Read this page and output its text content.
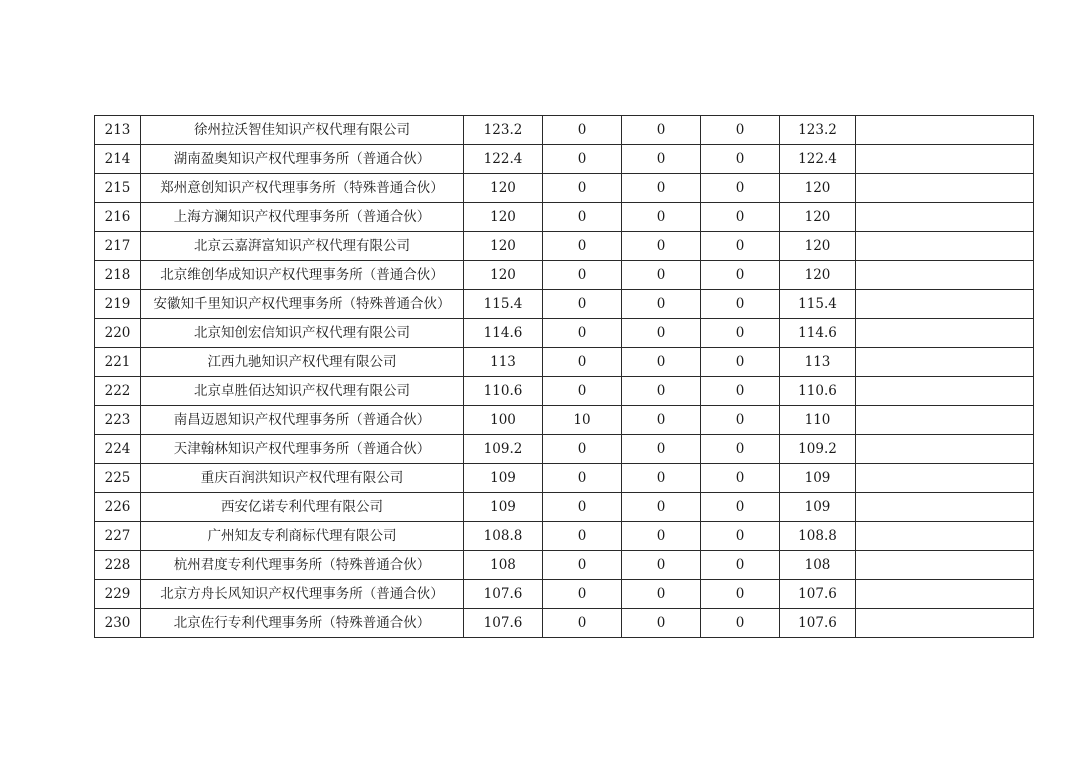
213	徐州拉沃智佳知识产权代理有限公司	123.2	0	0	0	123.2	
214	湖南盈奥知识产权代理事务所（普通合伙）	122.4	0	0	0	122.4	
215	郑州意创知识产权代理事务所（特殊普通合伙）	120	0	0	0	120	
216	上海方澜知识产权代理事务所（普通合伙）	120	0	0	0	120	
217	北京云嘉湃富知识产权代理有限公司	120	0	0	0	120	
218	北京维创华成知识产权代理事务所（普通合伙）	120	0	0	0	120	
219	安徽知千里知识产权代理事务所（特殊普通合伙）	115.4	0	0	0	115.4	
220	北京知创宏信知识产权代理有限公司	114.6	0	0	0	114.6	
221	江西九驰知识产权代理有限公司	113	0	0	0	113	
222	北京卓胜佰达知识产权代理有限公司	110.6	0	0	0	110.6	
223	南昌迈恩知识产权代理事务所（普通合伙）	100	10	0	0	110	
224	天津翰林知识产权代理事务所（普通合伙）	109.2	0	0	0	109.2	
225	重庆百润洪知识产权代理有限公司	109	0	0	0	109	
226	西安亿诺专利代理有限公司	109	0	0	0	109	
227	广州知友专利商标代理有限公司	108.8	0	0	0	108.8	
228	杭州君度专利代理事务所（特殊普通合伙）	108	0	0	0	108	
229	北京方舟长风知识产权代理事务所（普通合伙）	107.6	0	0	0	107.6	
230	北京佐行专利代理事务所（特殊普通合伙）	107.6	0	0	0	107.6	
